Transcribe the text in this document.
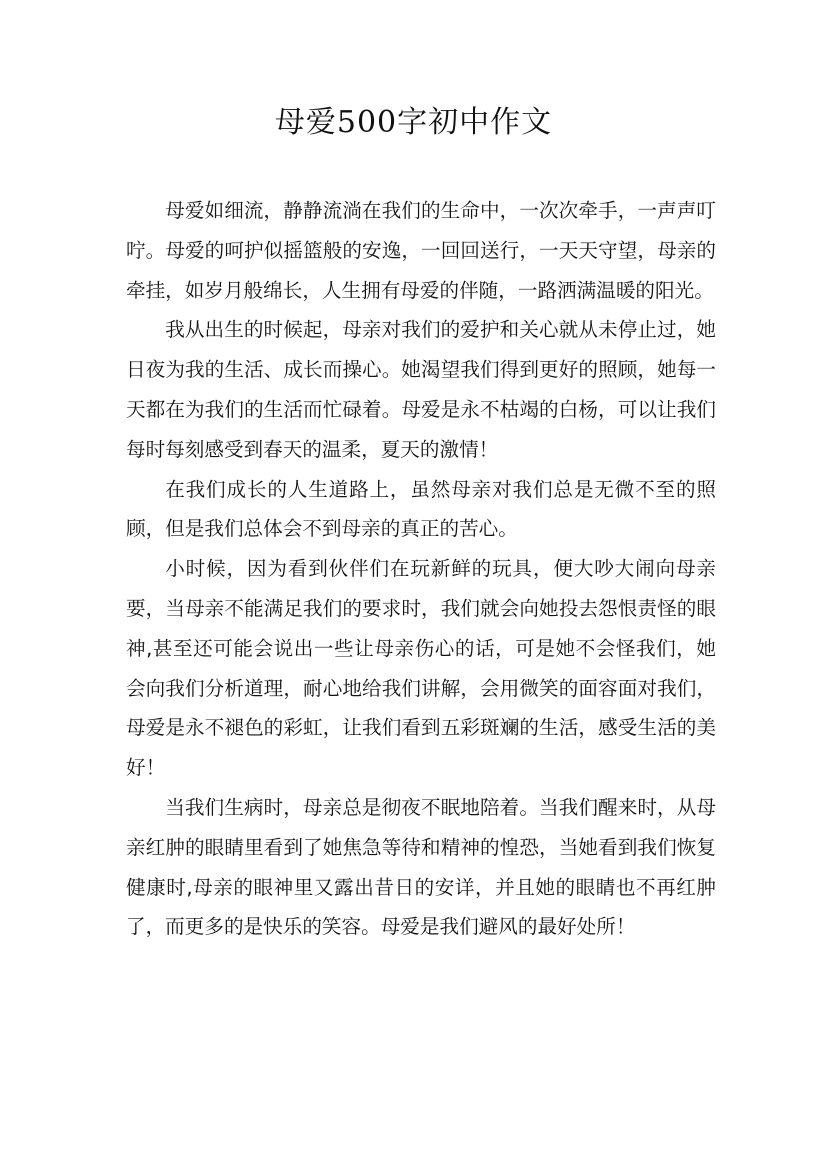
母爱500字初中作文

母爱如细流，静静流淌在我们的生命中，一次次牵手，一声声叮咛。母爱的呵护似摇篮般的安逸，一回回送行，一天天守望，母亲的牵挂，如岁月般绵长，人生拥有母爱的伴随，一路洒满温暖的阳光。

我从出生的时候起，母亲对我们的爱护和关心就从未停止过，她日夜为我的生活、成长而操心。她渴望我们得到更好的照顾，她每一天都在为我们的生活而忙碌着。母爱是永不枯竭的白杨，可以让我们每时每刻感受到春天的温柔，夏天的激情！

在我们成长的人生道路上，虽然母亲对我们总是无微不至的照顾，但是我们总体会不到母亲的真正的苦心。

小时候，因为看到伙伴们在玩新鲜的玩具，便大吵大闹向母亲要，当母亲不能满足我们的要求时，我们就会向她投去怨恨责怪的眼神,甚至还可能会说出一些让母亲伤心的话，可是她不会怪我们，她会向我们分析道理，耐心地给我们讲解，会用微笑的面容面对我们，母爱是永不褪色的彩虹，让我们看到五彩斑斓的生活，感受生活的美好！

当我们生病时，母亲总是彻夜不眠地陪着。当我们醒来时，从母亲红肿的眼睛里看到了她焦急等待和精神的惶恐，当她看到我们恢复健康时,母亲的眼神里又露出昔日的安详，并且她的眼睛也不再红肿了，而更多的是快乐的笑容。母爱是我们避风的最好处所！
